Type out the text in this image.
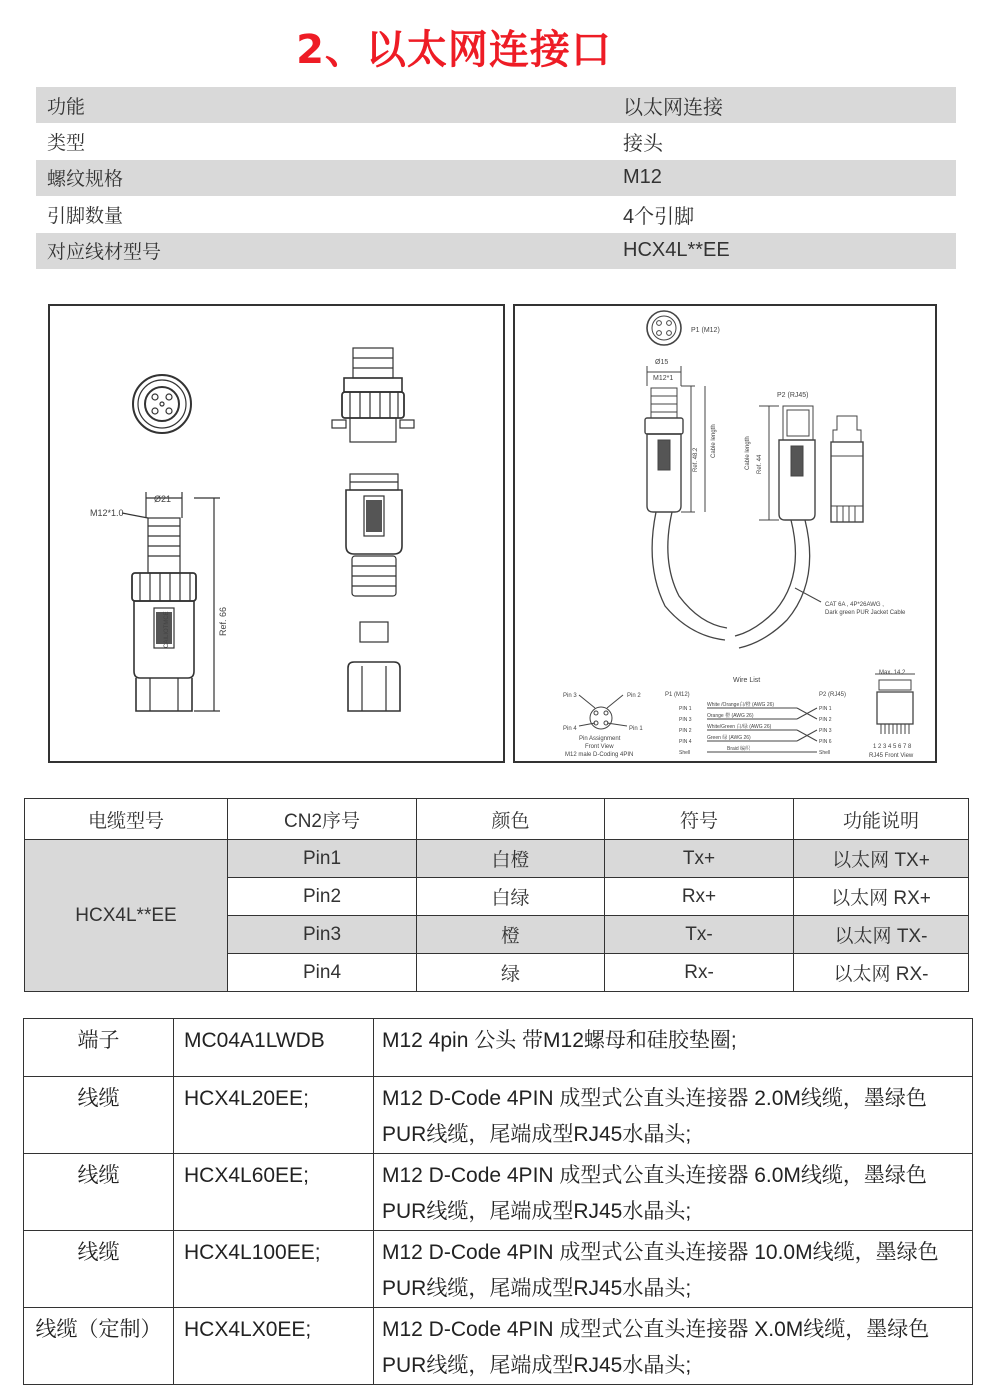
2、以太网连接口
功能	以太网连接
类型	接头
螺纹规格	M12
引脚数量	4个引脚
对应线材型号	HCX4L**EE
Ø21
M12*1.0
Ref. 66
CAILIOTMCE
P1 (M12)
Ø15
M12*1
Ref. 48.2
Cable length	Cable length Ref. 44
P2 (RJ45)
CAT 6A , 4P*26AWG ,
Dark green PUR Jacket Cable
Wire List
P1 (M12)	P2 (RJ45)
Max. 14.2
Pin 3	Pin 2
Pin 4	Pin 1
Pin Assignment
Front View
M12 male D-Coding 4PIN
1 2 3 4 5 6 7 8
RJ45 Front View
PIN 1
White /Orange白/橙 (AWG 26)
PIN 1
PIN 3
Orange 橙 (AWG 26)
PIN 2
PIN 2
White/Green 白/绿 (AWG 26)
PIN 3
PIN 4
Green 绿 (AWG 26)
PIN 6
Shell
Braid 编织
Shell
电缆型号	CN2序号	颜色	符号	功能说明
HCX4L**EE	Pin1	白橙	Tx+	以太网 TX+
	Pin2	白绿	Rx+	以太网 RX+
	Pin3	橙	Tx-	以太网 TX-
	Pin4	绿	Rx-	以太网 RX-
端子	MC04A1LWDB	M12 4pin 公头 带M12螺母和硅胶垫圈;
线缆	HCX4L20EE;	M12 D-Code 4PIN 成型式公直头连接器 2.0M线缆，墨绿色PUR线缆，尾端成型RJ45水晶头;
线缆	HCX4L60EE;	M12 D-Code 4PIN 成型式公直头连接器 6.0M线缆，墨绿色PUR线缆，尾端成型RJ45水晶头;
线缆	HCX4L100EE;	M12 D-Code 4PIN 成型式公直头连接器 10.0M线缆，墨绿色PUR线缆，尾端成型RJ45水晶头;
线缆（定制）	HCX4LX0EE;	M12 D-Code 4PIN 成型式公直头连接器 X.0M线缆，墨绿色PUR线缆，尾端成型RJ45水晶头;
